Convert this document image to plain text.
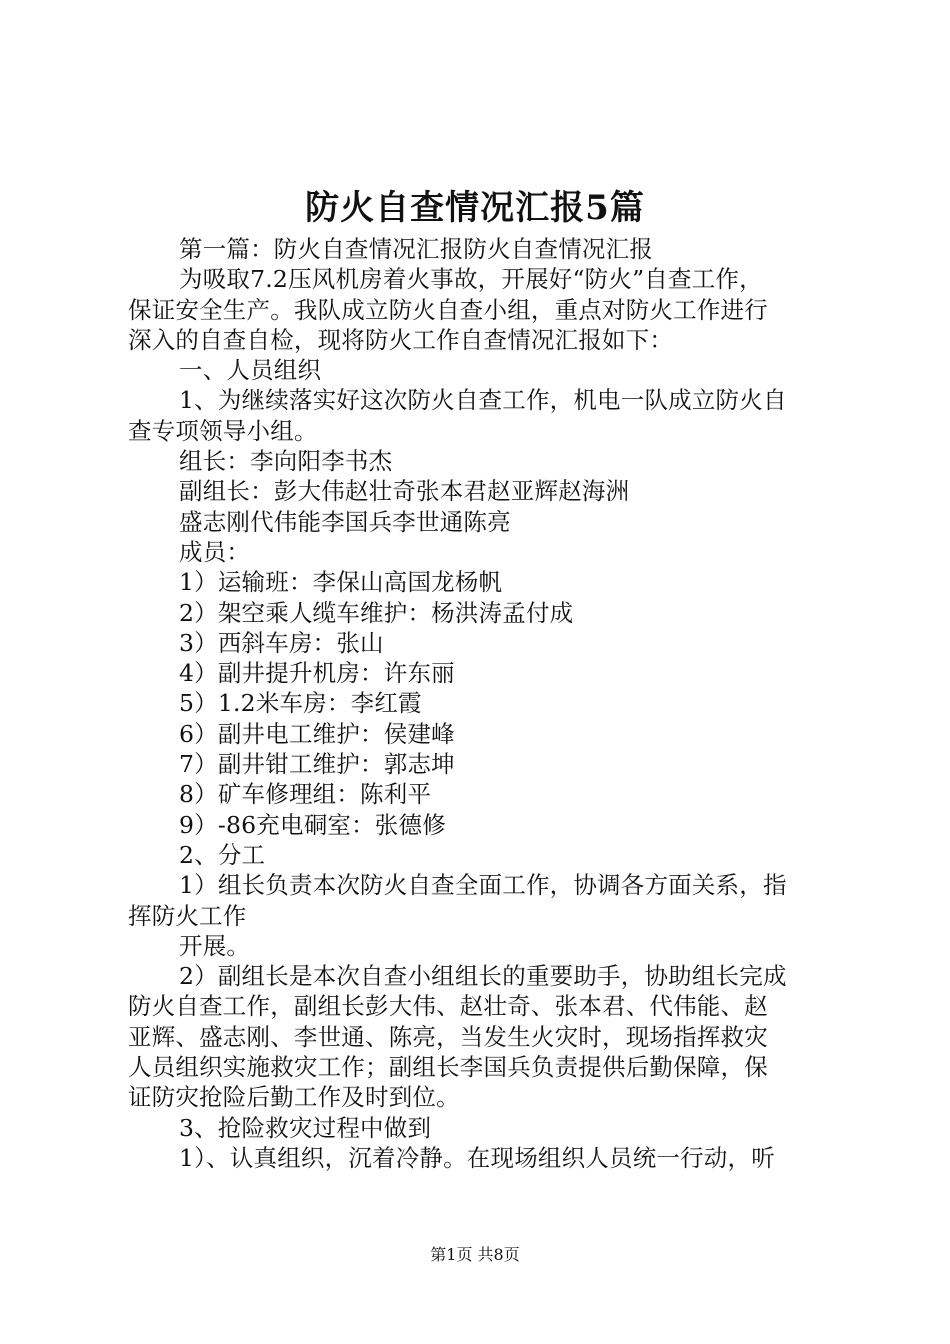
防火自查情况汇报5篇
第一篇：防火自查情况汇报防火自查情况汇报
为吸取7.2压风机房着火事故，开展好“防火”自查工作，
保证安全生产。我队成立防火自查小组，重点对防火工作进行
深入的自查自检，现将防火工作自查情况汇报如下：
一、人员组织
1、为继续落实好这次防火自查工作，机电一队成立防火自
查专项领导小组。
组长：李向阳李书杰
副组长：彭大伟赵壮奇张本君赵亚辉赵海洲
盛志刚代伟能李国兵李世通陈亮
成员：
1）运输班：李保山高国龙杨帆
2）架空乘人缆车维护：杨洪涛孟付成
3）西斜车房：张山
4）副井提升机房：许东丽
5）1.2米车房：李红霞
6）副井电工维护：侯建峰
7）副井钳工维护：郭志坤
8）矿车修理组：陈利平
9）-86充电硐室：张德修
2、分工
1）组长负责本次防火自查全面工作，协调各方面关系，指
挥防火工作
开展。
2）副组长是本次自查小组组长的重要助手，协助组长完成
防火自查工作，副组长彭大伟、赵壮奇、张本君、代伟能、赵
亚辉、盛志刚、李世通、陈亮，当发生火灾时，现场指挥救灾
人员组织实施救灾工作；副组长李国兵负责提供后勤保障，保
证防灾抢险后勤工作及时到位。
3、抢险救灾过程中做到
1）、认真组织，沉着冷静。在现场组织人员统一行动，听
第1页 共8页
